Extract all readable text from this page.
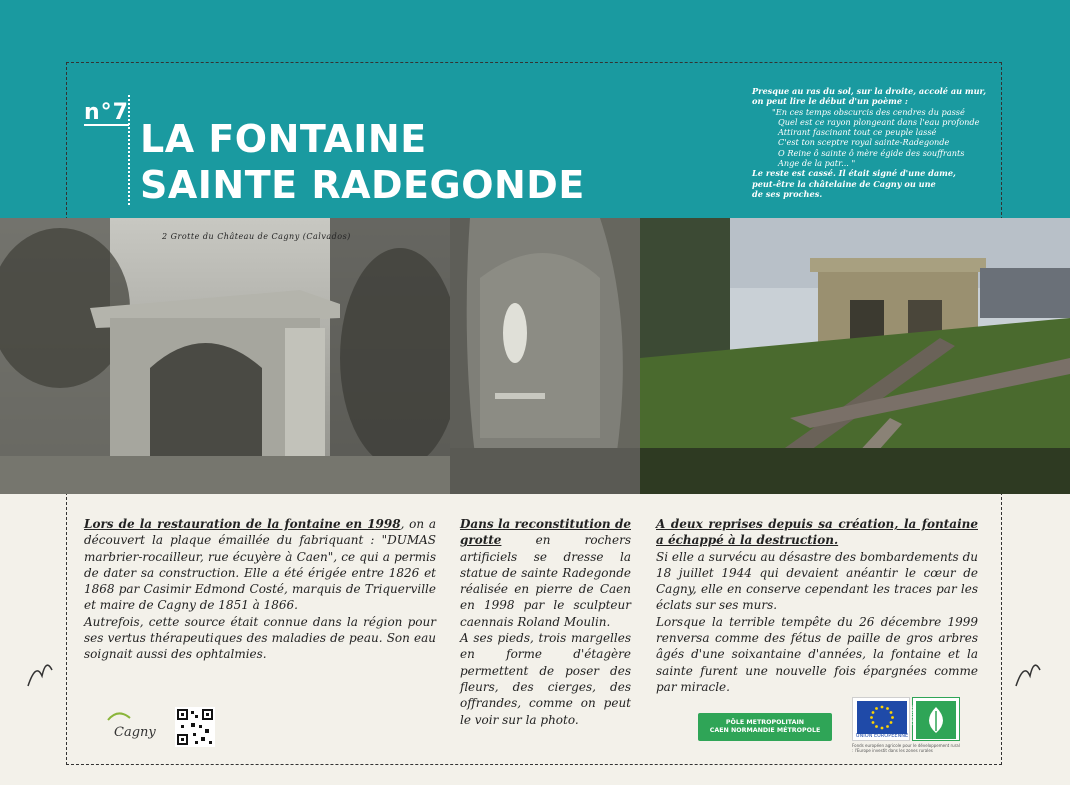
n°7
LA FONTAINE
SAINTE RADEGONDE
Presque au ras du sol, sur la droite, accolé au mur,
on peut lire le début d'un poème :
"En ces temps obscurcis des cendres du passé
Quel est ce rayon plongeant dans l'eau profonde
Attirant fascinant tout ce peuple lassé
C'est ton sceptre royal sainte-Radegonde
O Reine ô sainte ô mère égide des souffrants
Ange de la patr... "
Le reste est cassé. Il était signé d'une dame,
peut-être la châtelaine de Cagny ou une
de ses proches.
2 Grotte du Château de Cagny (Calvados)

Lors de la restauration de la fontaine en 1998, on a découvert la plaque émaillée du fabriquant : "DUMAS marbrier-rocailleur, rue écuyère à Caen", ce qui a permis de dater sa construction. Elle a été érigée entre 1826 et 1868 par Casimir Edmond Costé, marquis de Triquerville et maire de Cagny de 1851 à 1866.

Autrefois, cette source était connue dans la région pour ses vertus thérapeutiques des maladies de peau. Son eau soignait aussi des ophtalmies.

Dans la reconstitution de grotte en rochers artificiels se dresse la statue de sainte Radegonde réalisée en pierre de Caen en 1998 par le sculpteur caennais Roland Moulin.

A ses pieds, trois margelles en forme d'étagère permettent de poser des fleurs, des cierges, des offrandes, comme on peut le voir sur la photo.

A deux reprises depuis sa création, la fontaine a échappé à la destruction.

Si elle a survécu au désastre des bombardements du 18 juillet 1944 qui devaient anéantir le cœur de Cagny, elle en conserve cependant les traces par les éclats sur ses murs.

Lorsque la terrible tempête du 26 décembre 1999 renversa comme des fétus de paille de gros arbres âgés d'une soixantaine d'années, la fontaine et la sainte furent une nouvelle fois épargnées comme par miracle.

Cagny
PÔLE METROPOLITAIN
CAEN NORMANDIE MÉTROPOLE
UNION EUROPÉENNE
LEADER
Fonds européen agricole pour le développement rural : l'Europe investit dans les zones rurales
